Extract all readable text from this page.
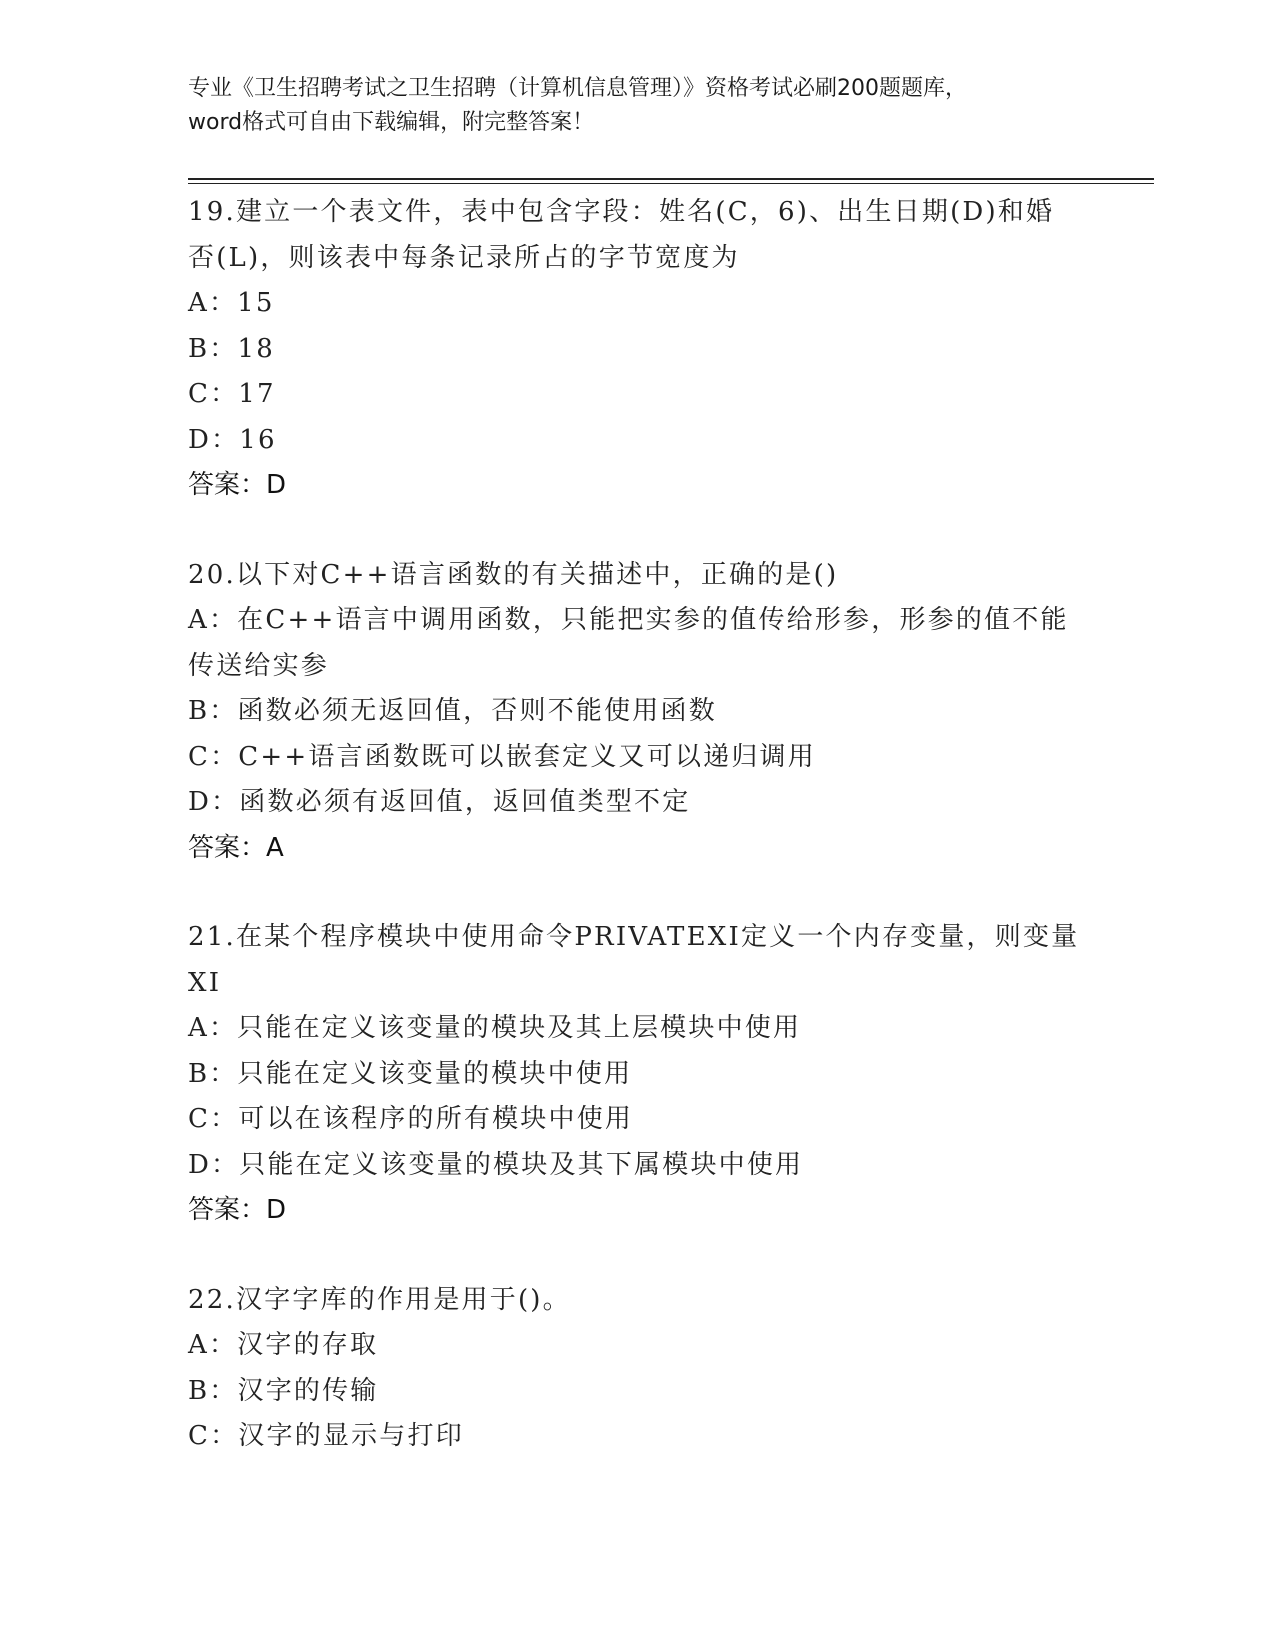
专业《卫生招聘考试之卫生招聘（计算机信息管理）》资格考试必刷200题题库，
word格式可自由下载编辑，附完整答案！
19.建立一个表文件，表中包含字段：姓名(C，6)、出生日期(D)和婚
否(L)，则该表中每条记录所占的字节宽度为
A：15
B：18
C：17
D：16
答案：D
20.以下对C++语言函数的有关描述中，正确的是()
A：在C++语言中调用函数，只能把实参的值传给形参，形参的值不能
传送给实参
B：函数必须无返回值，否则不能使用函数
C：C++语言函数既可以嵌套定义又可以递归调用
D：函数必须有返回值，返回值类型不定
答案：A
21.在某个程序模块中使用命令PRIVATEXI定义一个内存变量，则变量
XI
A：只能在定义该变量的模块及其上层模块中使用
B：只能在定义该变量的模块中使用
C：可以在该程序的所有模块中使用
D：只能在定义该变量的模块及其下属模块中使用
答案：D
22.汉字字库的作用是用于()。
A：汉字的存取
B：汉字的传输
C：汉字的显示与打印
